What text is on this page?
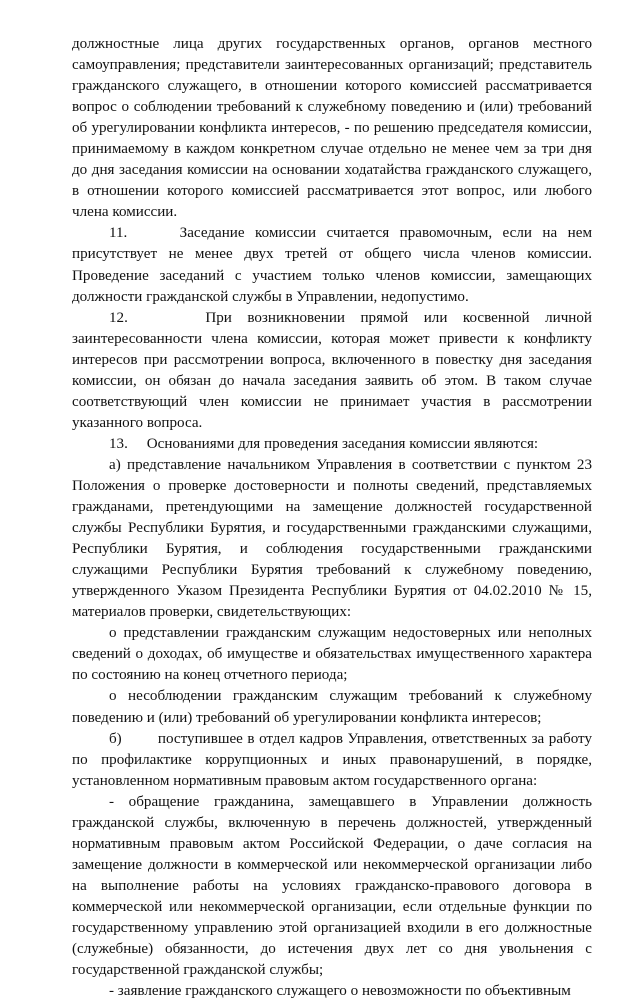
должностные лица других государственных органов, органов местного самоуправления; представители заинтересованных организаций; представитель гражданского служащего, в отношении которого комиссией рассматривается вопрос о соблюдении требований к служебному поведению и (или) требований об урегулировании конфликта интересов, - по решению председателя комиссии, принимаемому в каждом конкретном случае отдельно не менее чем за три дня до дня заседания комиссии на основании ходатайства гражданского служащего, в отношении которого комиссией рассматривается этот вопрос, или любого члена комиссии.

11.     Заседание комиссии считается правомочным, если на нем присутствует не менее двух третей от общего числа членов комиссии. Проведение заседаний с участием только членов комиссии, замещающих должности гражданской службы в Управлении, недопустимо.

12.     При возникновении прямой или косвенной личной заинтересованности члена комиссии, которая может привести к конфликту интересов при рассмотрении вопроса, включенного в повестку дня заседания комиссии, он обязан до начала заседания заявить об этом. В таком случае соответствующий член комиссии не принимает участия в рассмотрении указанного вопроса.

13.     Основаниями для проведения заседания комиссии являются:

а) представление начальником Управления в соответствии с пунктом 23 Положения о проверке достоверности и полноты сведений, представляемых гражданами, претендующими на замещение должностей государственной службы Республики Бурятия, и государственными гражданскими служащими, Республики Бурятия, и соблюдения государственными гражданскими служащими Республики Бурятия требований к служебному поведению, утвержденного Указом Президента Республики Бурятия от 04.02.2010 № 15, материалов проверки, свидетельствующих:

о представлении гражданским служащим недостоверных или неполных сведений о доходах, об имуществе и обязательствах имущественного характера по состоянию на конец отчетного периода;

о несоблюдении гражданским служащим требований к служебному поведению и (или) требований об урегулировании конфликта интересов;

б)        поступившее в отдел кадров Управления, ответственных за работу по профилактике коррупционных и иных правонарушений, в порядке, установленном нормативным правовым актом государственного органа:

- обращение гражданина, замещавшего в Управлении должность гражданской службы, включенную в перечень должностей, утвержденный нормативным правовым актом Российской Федерации, о даче согласия на замещение должности в коммерческой или некоммерческой организации либо на выполнение работы на условиях гражданско-правового договора в коммерческой или некоммерческой организации, если отдельные функции по государственному управлению этой организацией входили в его должностные (служебные) обязанности, до истечения двух лет со дня увольнения с государственной гражданской службы;

- заявление гражданского служащего о невозможности по объективным
